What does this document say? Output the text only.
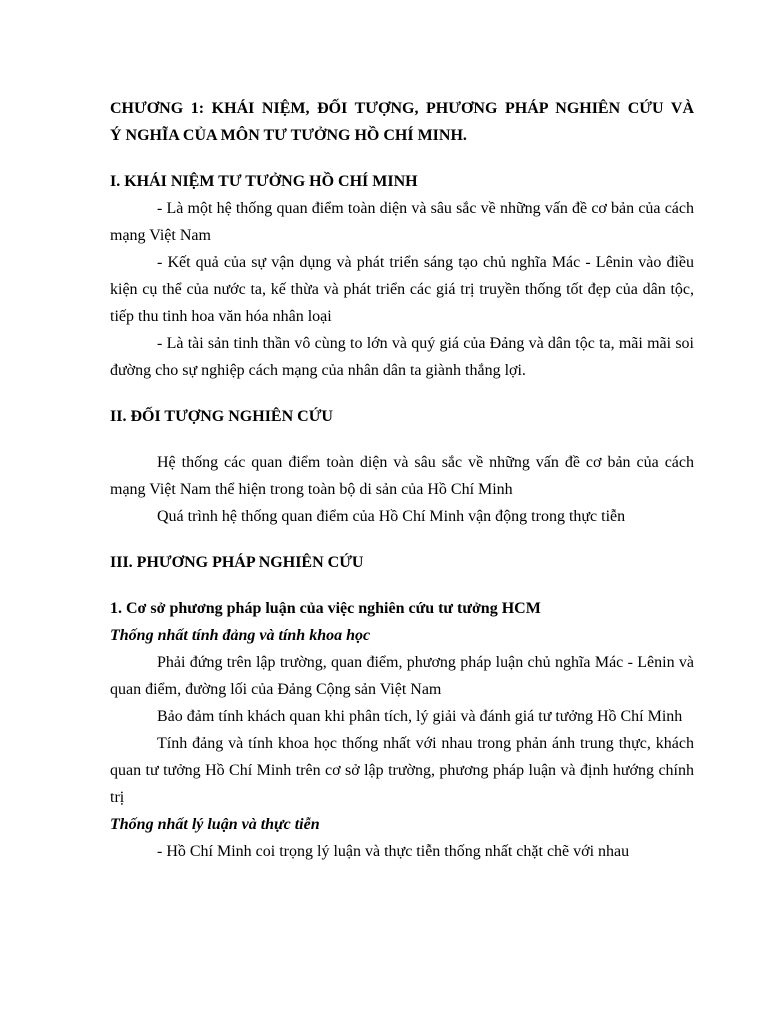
CHƯƠNG 1: KHÁI NIỆM, ĐỐI TƯỢNG, PHƯƠNG PHÁP NGHIÊN CỨU VÀ
Ý NGHĨA CỦA MÔN TƯ TƯỞNG HỒ CHÍ MINH.
I. KHÁI NIỆM TƯ TƯỞNG HỒ CHÍ MINH

- Là một hệ thống quan điểm toàn diện và sâu sắc về những vấn đề cơ bản của cách mạng Việt Nam

- Kết quả của sự vận dụng và phát triển sáng tạo chủ nghĩa Mác - Lênin vào điều kiện cụ thể của nước ta, kế thừa và phát triển các giá trị truyền thống tốt đẹp của dân tộc, tiếp thu tinh hoa văn hóa nhân loại

- Là tài sản tinh thần vô cùng to lớn và quý giá của Đảng và dân tộc ta, mãi mãi soi đường cho sự nghiệp cách mạng của nhân dân ta giành thắng lợi.

II. ĐỐI TƯỢNG NGHIÊN CỨU

Hệ thống các quan điểm toàn diện và sâu sắc về những vấn đề cơ bản của cách mạng Việt Nam thể hiện trong toàn bộ di sản của Hồ Chí Minh

Quá trình hệ thống quan điểm của Hồ Chí Minh vận động trong thực tiễn

III. PHƯƠNG PHÁP NGHIÊN CỨU
1. Cơ sở phương pháp luận của việc nghiên cứu tư tưởng HCM
Thống nhất tính đảng và tính khoa học

Phải đứng trên lập trường, quan điểm, phương pháp luận chủ nghĩa Mác - Lênin và quan điểm, đường lối của Đảng Cộng sản Việt Nam

Bảo đảm tính khách quan khi phân tích, lý giải và đánh giá tư tưởng Hồ Chí Minh

Tính đảng và tính khoa học thống nhất với nhau trong phản ánh trung thực, khách quan tư tưởng Hồ Chí Minh trên cơ sở lập trường, phương pháp luận và định hướng chính trị

Thống nhất lý luận và thực tiễn

- Hồ Chí Minh coi trọng lý luận và thực tiễn thống nhất chặt chẽ với nhau
